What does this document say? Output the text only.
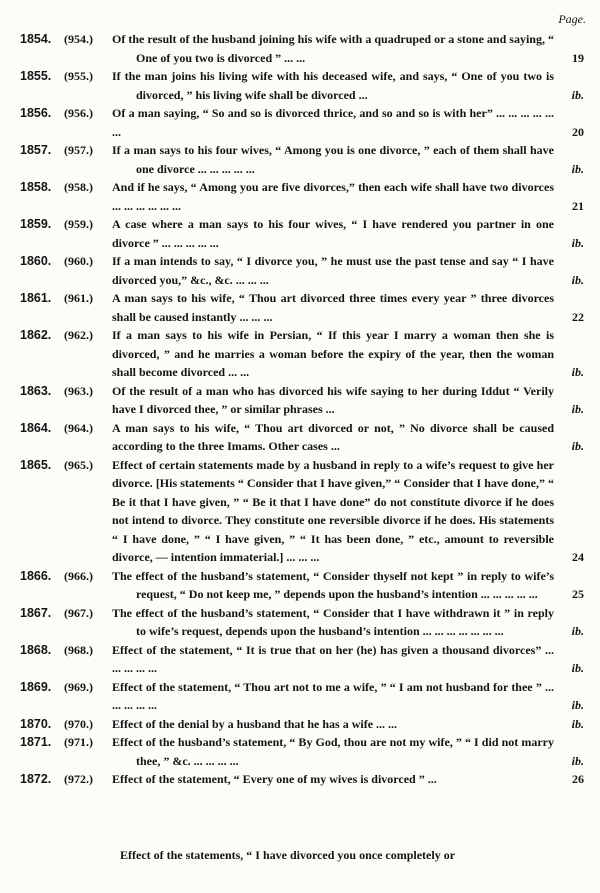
Page.
1854.	(954.)	Of the result of the husband joining his wife with a quadruped or a stone and saying, “ One of you two is divorced ” ... ...	19
1855.	(955.)	If the man joins his living wife with his deceased wife, and says, “ One of you two is divorced, ” his living wife shall be divorced ...	ib.
1856.	(956.)	Of a man saying, “ So and so is divorced thrice, and so and so is with her” ... ... ... ... ... ...	20
1857.	(957.)	If a man says to his four wives, “ Among you is one divorce, ” each of them shall have one divorce ... ... ... ... ...	ib.
1858.	(958.)	And if he says, “ Among you are five divorces,” then each wife shall have two divorces ... ... ... ... ... ...	21
1859.	(959.)	A case where a man says to his four wives, “ I have rendered you partner in one divorce ” ... ... ... ... ...	ib.
1860.	(960.)	If a man intends to say, “ I divorce you, ” he must use the past tense and say “ I have divorced you,” &c., &c. ... ... ...	ib.
1861.	(961.)	A man says to his wife, “ Thou art divorced three times every year ” three divorces shall be caused instantly ... ... ...	22
1862.	(962.)	If a man says to his wife in Persian, “ If this year I marry a woman then she is divorced, ” and he marries a woman before the expiry of the year, then the woman shall become divorced ... ...	ib.
1863.	(963.)	Of the result of a man who has divorced his wife saying to her during Iddut “ Verily have I divorced thee, ” or similar phrases ...	ib.
1864.	(964.)	A man says to his wife, “ Thou art divorced or not, ” No divorce shall be caused according to the three Imams. Other cases ...	ib.
1865.	(965.)	Effect of certain statements made by a husband in reply to a wife’s request to give her divorce. [His statements “ Consider that I have given,” “ Consider that I have done,” “ Be it that I have given, ” “ Be it that I have done” do not constitute divorce if he does not intend to divorce. They constitute one reversible divorce if he does. His statements “ I have done, ” “ I have given, ” “ It has been done, ” etc., amount to reversible divorce, — intention immaterial.] ... ... ...	24
1866.	(966.)	The effect of the husband’s statement, “ Consider thyself not kept ” in reply to wife’s request, “ Do not keep me, ” depends upon the husband’s intention ... ... ... ... ...	25
1867.	(967.)	The effect of the husband’s statement, “ Consider that I have withdrawn it ” in reply to wife’s request, depends upon the husband’s intention ... ... ... ... ... ... ...	ib.
1868.	(968.)	Effect of the statement, “ It is true that on her (he) has given a thousand divorces” ... ... ... ... ...	ib.
1869.	(969.)	Effect of the statement, “ Thou art not to me a wife, ” “ I am not husband for thee ” ... ... ... ... ...	ib.
1870.	(970.)	Effect of the denial by a husband that he has a wife ... ...	ib.
1871.	(971.)	Effect of the husband’s statement, “ By God, thou are not my wife, ” “ I did not marry thee, ” &c. ... ... ... ...	ib.
1872.	(972.)	Effect of the statement, “ Every one of my wives is divorced ” ...	26
Effect of the statements, “ I have divorced you once completely or
